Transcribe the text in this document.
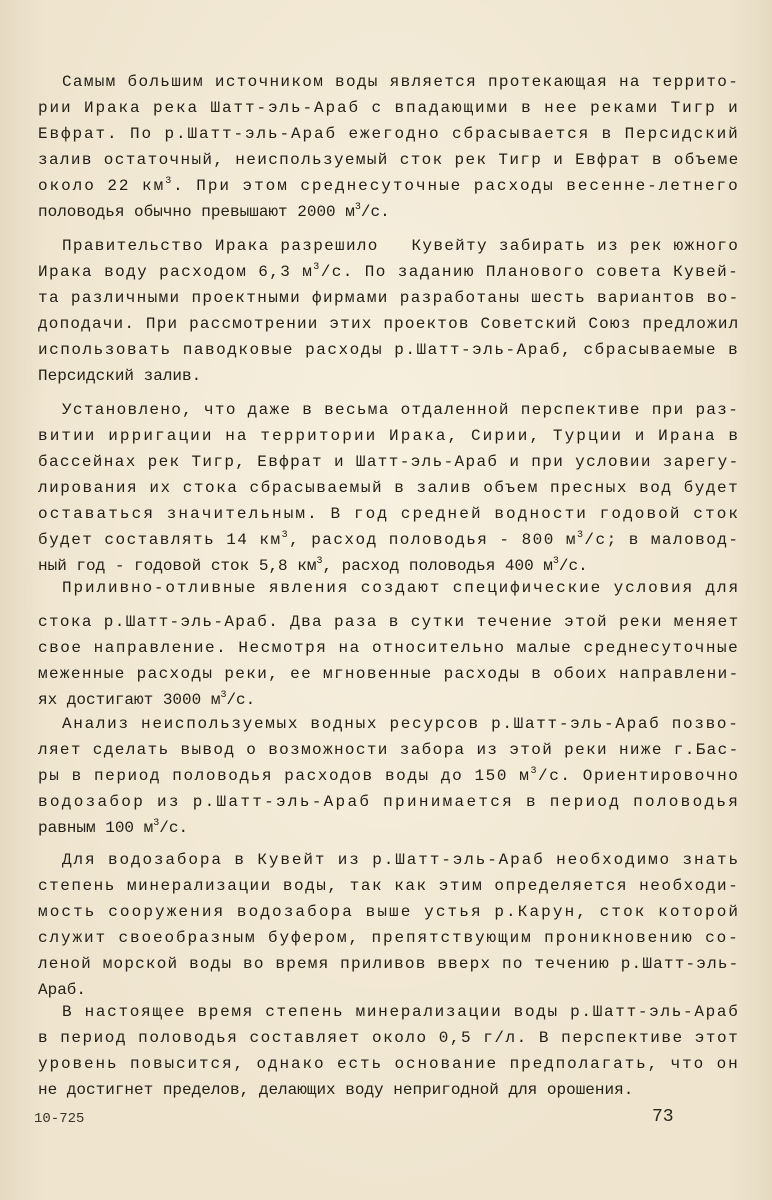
Самым большим источником воды является протекающая на террито-
рии Ирака река Шатт-эль-Араб с впадающими в нее реками Тигр и
Евфрат. По р.Шатт-эль-Араб ежегодно сбрасывается в Персидский
залив остаточный, неиспользуемый сток рек Тигр и Евфрат в объеме
около 22 $км^3$. При этом среднесуточные расходы весенне-летнего
половодья обычно превышают 2000 $м^3/с$.
Правительство Ирака разрешило   Кувейту забирать из рек южного
Ирака воду расходом 6,3 $м^3/с$. По заданию Планового совета Кувей-
та различными проектными фирмами разработаны шесть вариантов во-
доподачи. При рассмотрении этих проектов Советский Союз предложил
использовать паводковые расходы р.Шатт-эль-Араб, сбрасываемые в
Персидский залив.
Установлено, что даже в весьма отдаленной перспективе при раз-
витии ирригации на территории Ирака, Сирии, Турции и Ирана в
бассейнах рек Тигр, Евфрат и Шатт-эль-Араб и при условии зарегу-
лирования их стока сбрасываемый в залив объем пресных вод будет
оставаться значительным. В год средней водности годовой сток
будет составлять 14 $км^3$, расход половодья - 800 $м^3/с$; в маловод-
ный год - годовой сток 5,8 $км^3$, расход половодья 400 $м^3/с$.
Приливно-отливные явления создают специфические условия для
стока р.Шатт-эль-Араб. Два раза в сутки течение этой реки меняет
свое направление. Несмотря на относительно малые среднесуточные
меженные расходы реки, ее мгновенные расходы в обоих направлени-
ях достигают 3000 $м^3/с$.
Анализ неиспользуемых водных ресурсов р.Шатт-эль-Араб позво-
ляет сделать вывод о возможности забора из этой реки ниже г.Бас-
ры в период половодья расходов воды до 150 $м^3/с$. Ориентировочно
водозабор из р.Шатт-эль-Араб принимается в период половодья
равным 100 $м^3/с$.
Для водозабора в Кувейт из р.Шатт-эль-Араб необходимо знать
степень минерализации воды, так как этим определяется необходи-
мость сооружения водозабора выше устья р.Карун, сток которой
служит своеобразным буфером, препятствующим проникновению со-
леной морской воды во время приливов вверх по течению р.Шатт-эль-
Араб.
В настоящее время степень минерализации воды р.Шатт-эль-Араб
в период половодья составляет около 0,5 г/л. В перспективе этот
уровень повысится, однако есть основание предполагать, что он
не достигнет пределов, делающих воду непригодной для орошения.
10-725	73
